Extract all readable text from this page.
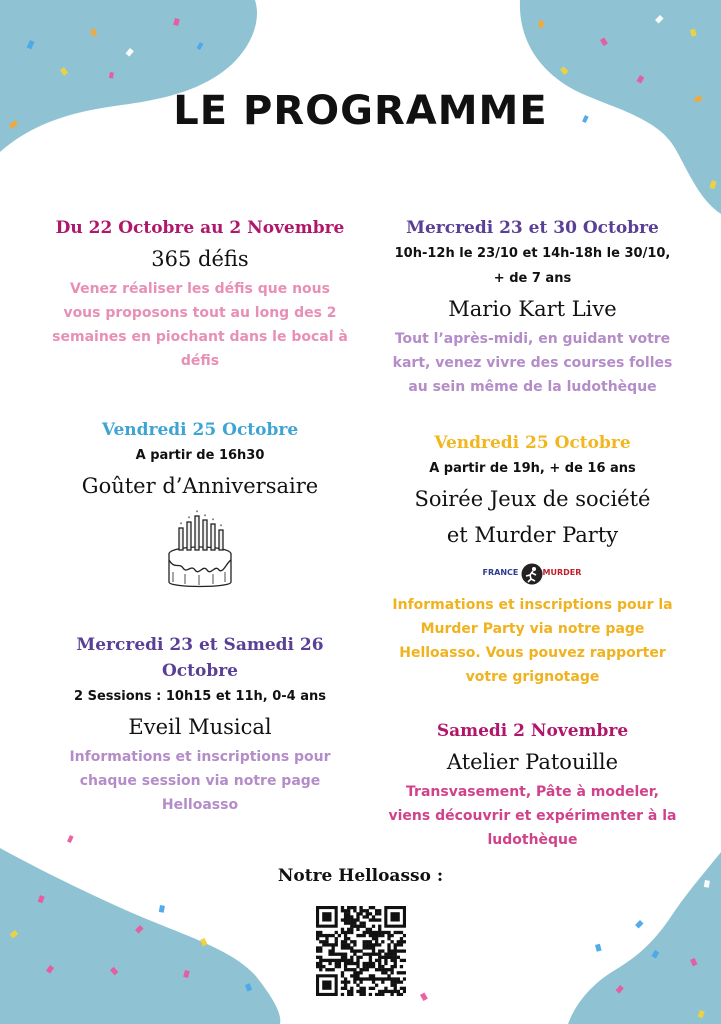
LE PROGRAMME

Du 22 Octobre au 2 Novembre

365 défis

Venez réaliser les défis que nous

vous proposons tout au long des 2

semaines en piochant dans le bocal à

défis

Vendredi 25 Octobre

A partir de 16h30

Goûter d’Anniversaire

Mercredi 23 et Samedi 26

Octobre

2 Sessions : 10h15 et 11h, 0-4 ans

Eveil Musical

Informations et inscriptions pour

chaque session via notre page

Helloasso

Mercredi 23 et 30 Octobre

10h-12h le 23/10 et 14h-18h le 30/10,

+ de 7 ans

Mario Kart Live

Tout l’après-midi, en guidant votre

kart, venez vivre des courses folles

au sein même de la ludothèque

Vendredi 25 Octobre

A partir de 19h, + de 16 ans

Soirée Jeux de société

et Murder Party

FRANCE	MURDER

Informations et inscriptions pour la

Murder Party via notre page

Helloasso. Vous pouvez rapporter

votre grignotage

Samedi 2 Novembre

Atelier Patouille

Transvasement, Pâte à modeler,

viens découvrir et expérimenter à la

ludothèque

Notre Helloasso :
